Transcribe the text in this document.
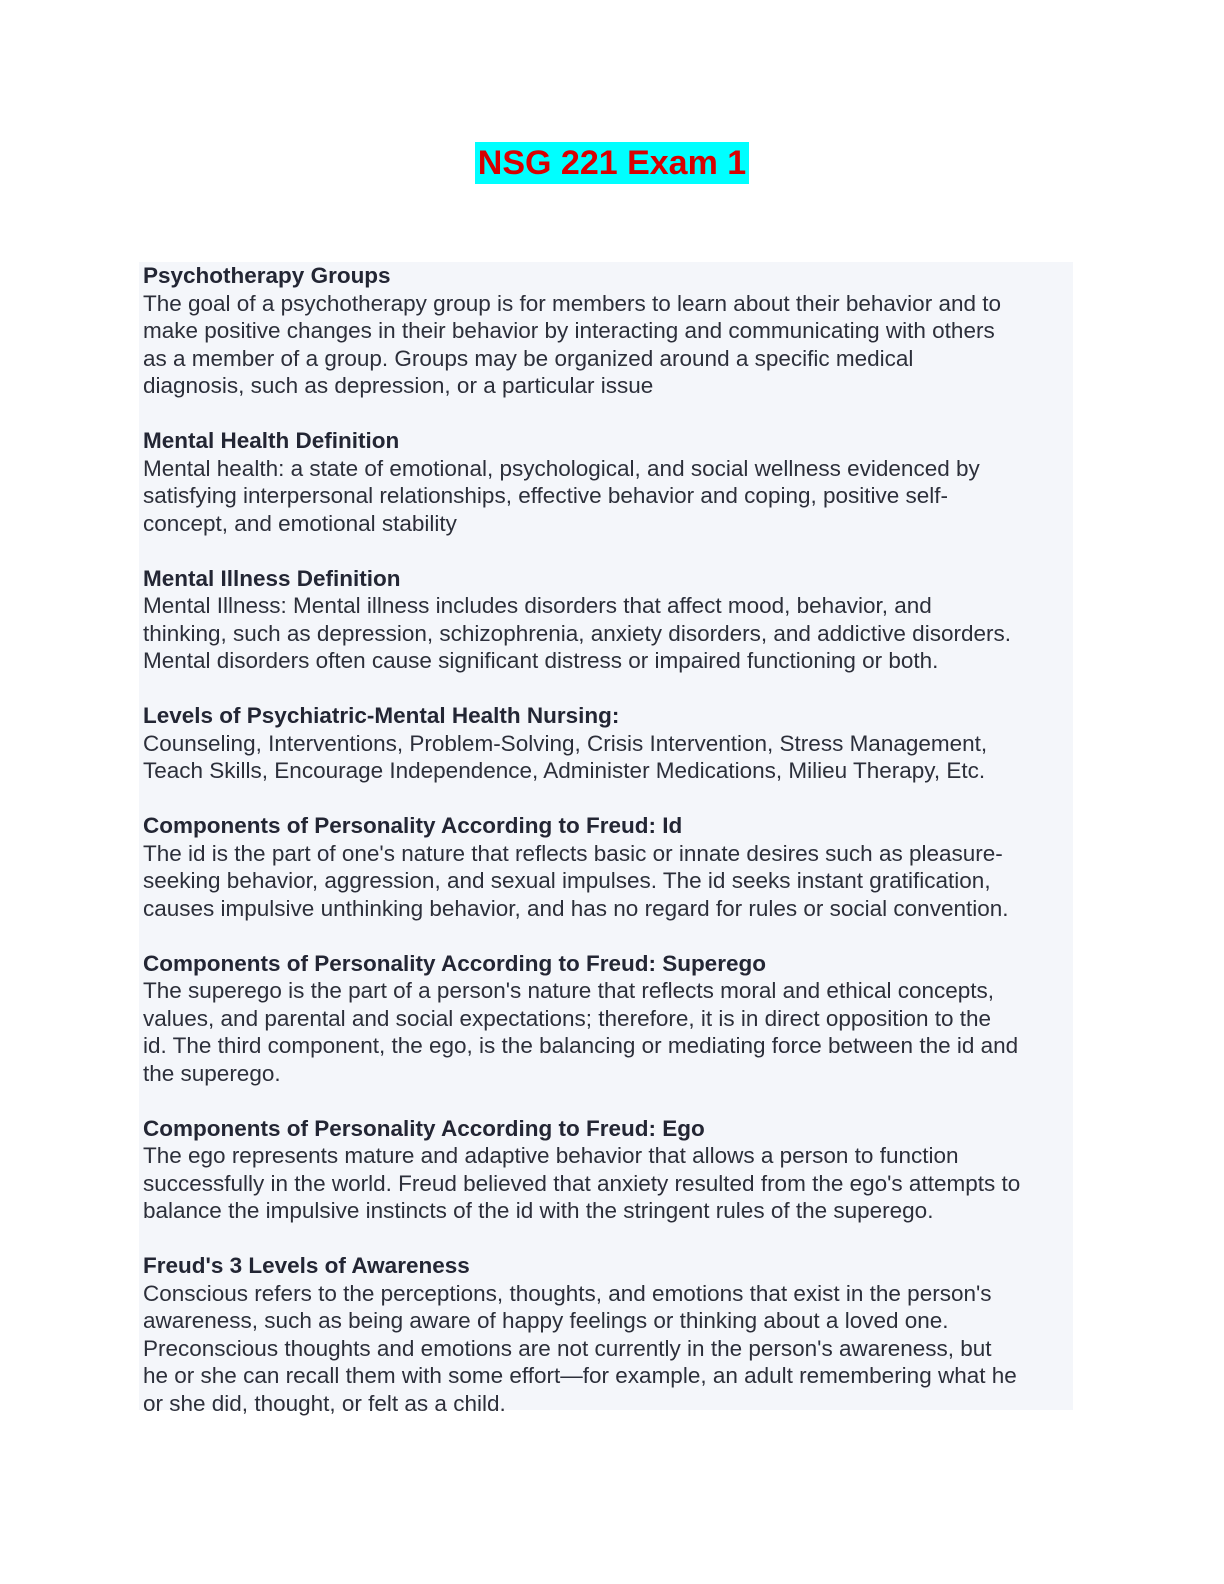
NSG 221 Exam 1
Psychotherapy Groups
The goal of a psychotherapy group is for members to learn about their behavior and to
make positive changes in their behavior by interacting and communicating with others
as a member of a group. Groups may be organized around a specific medical
diagnosis, such as depression, or a particular issue
Mental Health Definition
Mental health: a state of emotional, psychological, and social wellness evidenced by
satisfying interpersonal relationships, effective behavior and coping, positive self-
concept, and emotional stability
Mental Illness Definition
Mental Illness: Mental illness includes disorders that affect mood, behavior, and
thinking, such as depression, schizophrenia, anxiety disorders, and addictive disorders.
Mental disorders often cause significant distress or impaired functioning or both.
Levels of Psychiatric-Mental Health Nursing:
Counseling, Interventions, Problem-Solving, Crisis Intervention, Stress Management,
Teach Skills, Encourage Independence, Administer Medications, Milieu Therapy, Etc.
Components of Personality According to Freud: Id
The id is the part of one's nature that reflects basic or innate desires such as pleasure-
seeking behavior, aggression, and sexual impulses. The id seeks instant gratification,
causes impulsive unthinking behavior, and has no regard for rules or social convention.
Components of Personality According to Freud: Superego
The superego is the part of a person's nature that reflects moral and ethical concepts,
values, and parental and social expectations; therefore, it is in direct opposition to the
id. The third component, the ego, is the balancing or mediating force between the id and
the superego.
Components of Personality According to Freud: Ego
The ego represents mature and adaptive behavior that allows a person to function
successfully in the world. Freud believed that anxiety resulted from the ego's attempts to
balance the impulsive instincts of the id with the stringent rules of the superego.
Freud's 3 Levels of Awareness
Conscious refers to the perceptions, thoughts, and emotions that exist in the person's
awareness, such as being aware of happy feelings or thinking about a loved one.
Preconscious thoughts and emotions are not currently in the person's awareness, but
he or she can recall them with some effort—for example, an adult remembering what he
or she did, thought, or felt as a child.
